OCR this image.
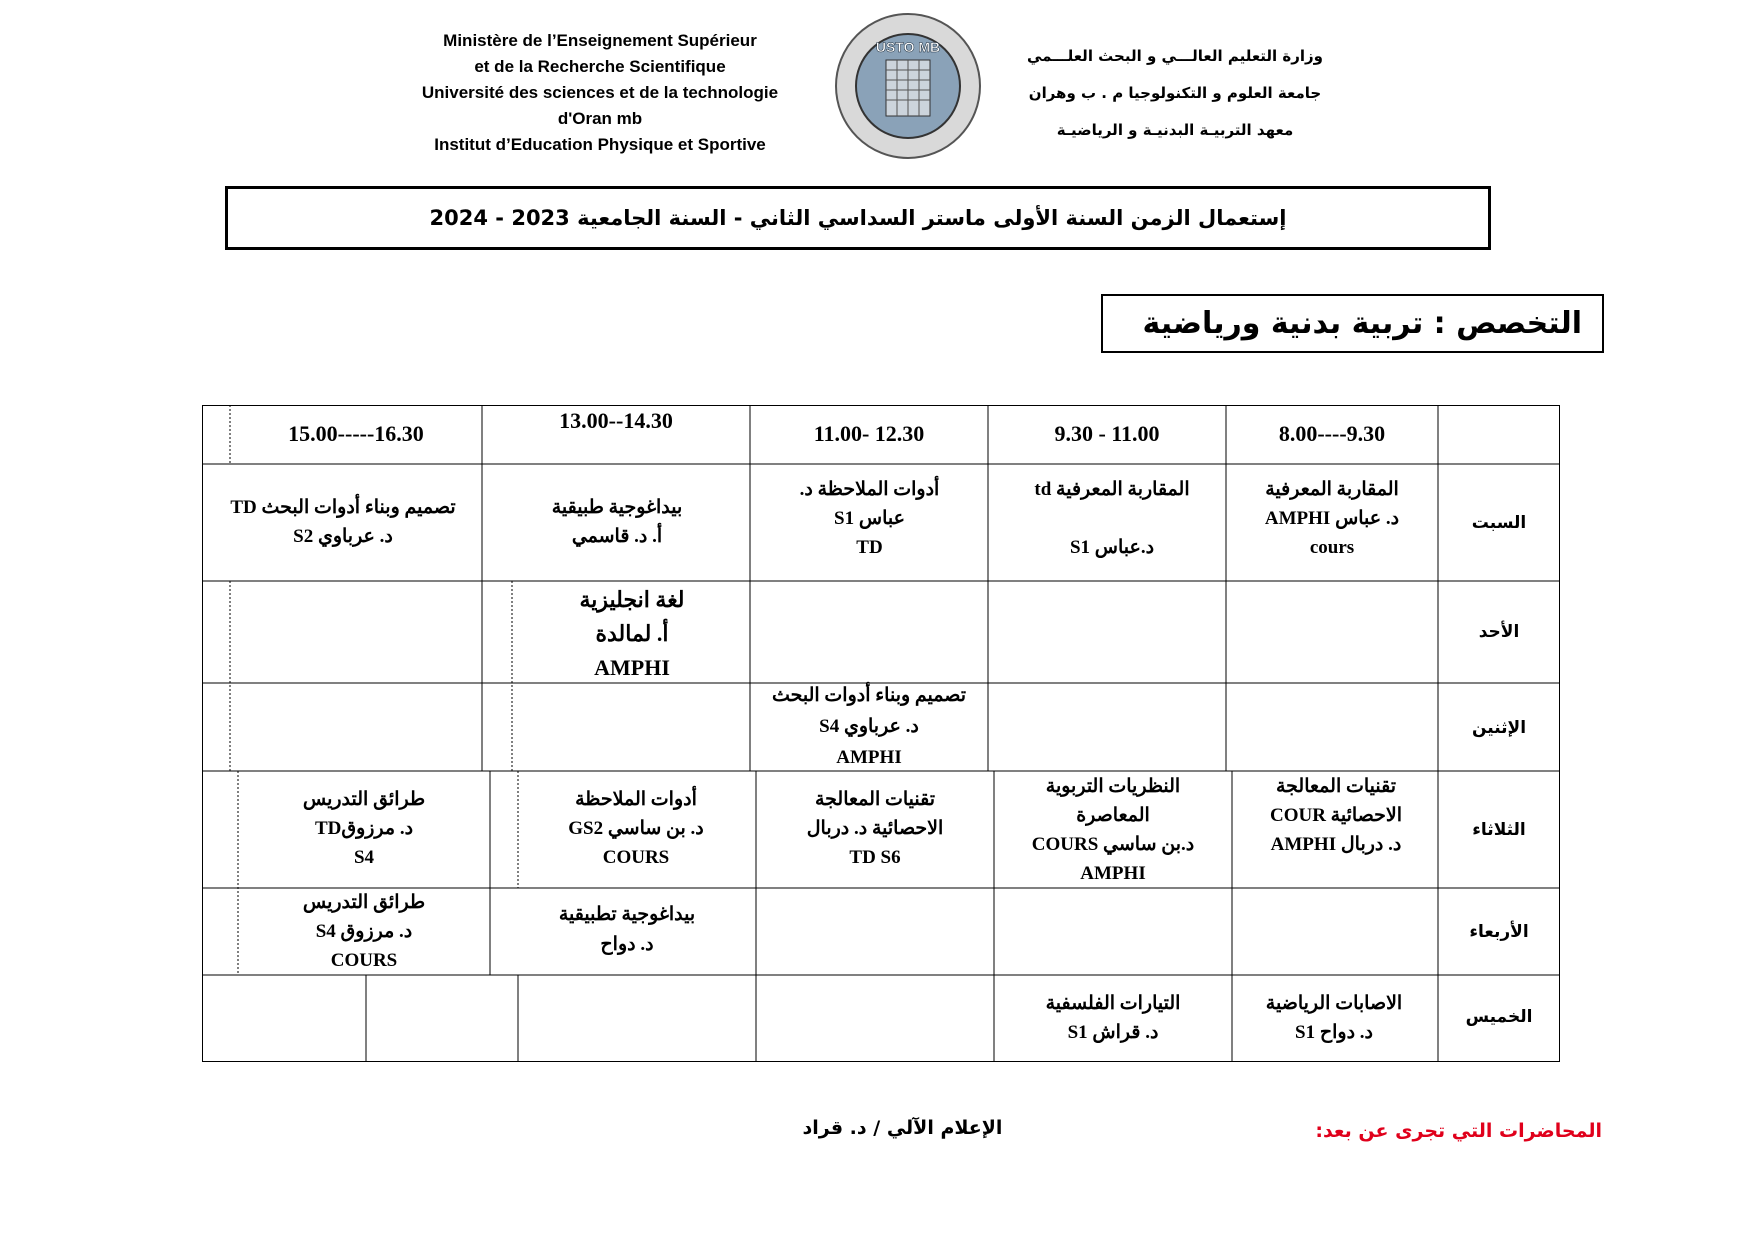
Ministère de l’Enseignement Supérieur
et de la Recherche Scientifique
Université des sciences et de la technologie
d'Oran mb
Institut d’Education Physique et Sportive
USTO MB	وزارة التعليم العالـــي و البحث العلـــمي
جامعة العلوم و التكنولوجيا م . ب وهران
معهد التربيـة البدنيـة و الرياضيـة
إستعمال الزمن السنة الأولى ماستر السداسي الثاني - السنة الجامعية 2023 - 2024
التخصص : تربية بدنية ورياضية
8.00----9.30
9.30 - 11.00
11.00- 12.30
13.00--14.30
15.00-----16.30
السبت
الأحد
الإثنين
الثلاثاء
الأربعاء
الخميس
المقاربة المعرفية
د. عباس AMPHI
cours
المقاربة المعرفية td

د.عباس S1
أدوات الملاحظة د.
عباس S1
TD
بيداغوجية طبيقية
أ. د. قاسمي
تصميم وبناء أدوات البحث TD
د. عرباوي S2
لغة انجليزية
أ. لمالدة
AMPHI
تصميم وبناء أدوات البحث
د. عرباوي S4
AMPHI
تقنيات المعالجة
الاحصائية COUR
د. دربال AMPHI
النظريات التربوية
المعاصرة
د.بن ساسي COURS
AMPHI
تقنيات المعالجة
الاحصائية د. دربال
TD S6
أدوات الملاحظة
د. بن ساسي GS2
COURS
طرائق التدريس
د. مرزوقTD
S4
بيداغوجية تطبيقية
د. دواح
طرائق التدريس
د. مرزوق S4
COURS
الاصابات الرياضية
د. دواح S1
التيارات الفلسفية
د. قراش S1
المحاضرات التي تجرى عن بعد:
الإعلام الآلي / د. قراد
